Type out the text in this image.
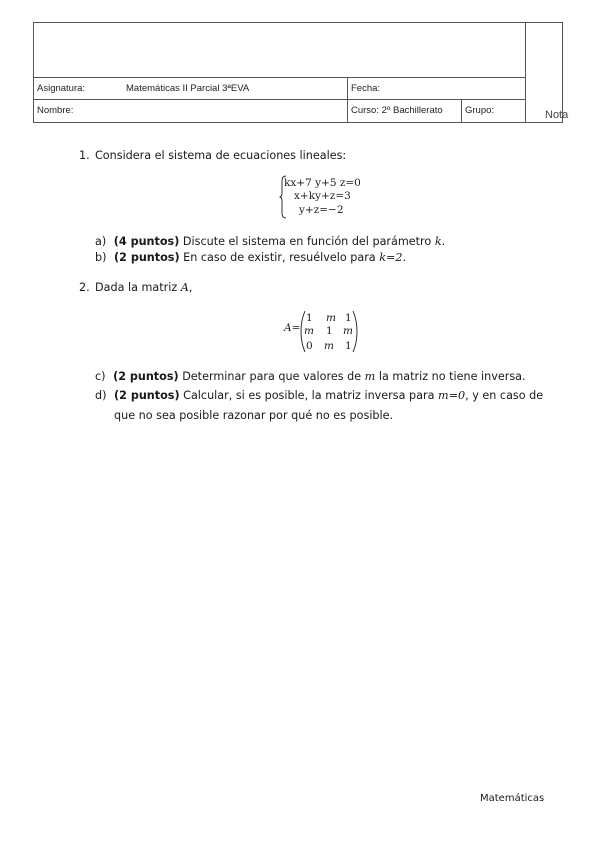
Asignatura:	Matemáticas II Parcial 3ªEVA	Fecha:
Nombre:	Curso: 2º Bachillerato Grupo:	Nota
1. Considera el sistema de ecuaciones lineales:
kx+7 y+5 z=0
x+ky+z=3
y+z=−2
a) (4 puntos) Discute el sistema en función del parámetro k.
b) (2 puntos) En caso de existir, resuélvelo para k=2.
2. Dada la matriz A,
A=
1 m 1
m 1 m
0 m 1
c) (2 puntos) Determinar para que valores de m la matriz no tiene inversa.
d) (2 puntos) Calcular, si es posible, la matriz inversa para m=0, y en caso de
que no sea posible razonar por qué no es posible.
Matemáticas
